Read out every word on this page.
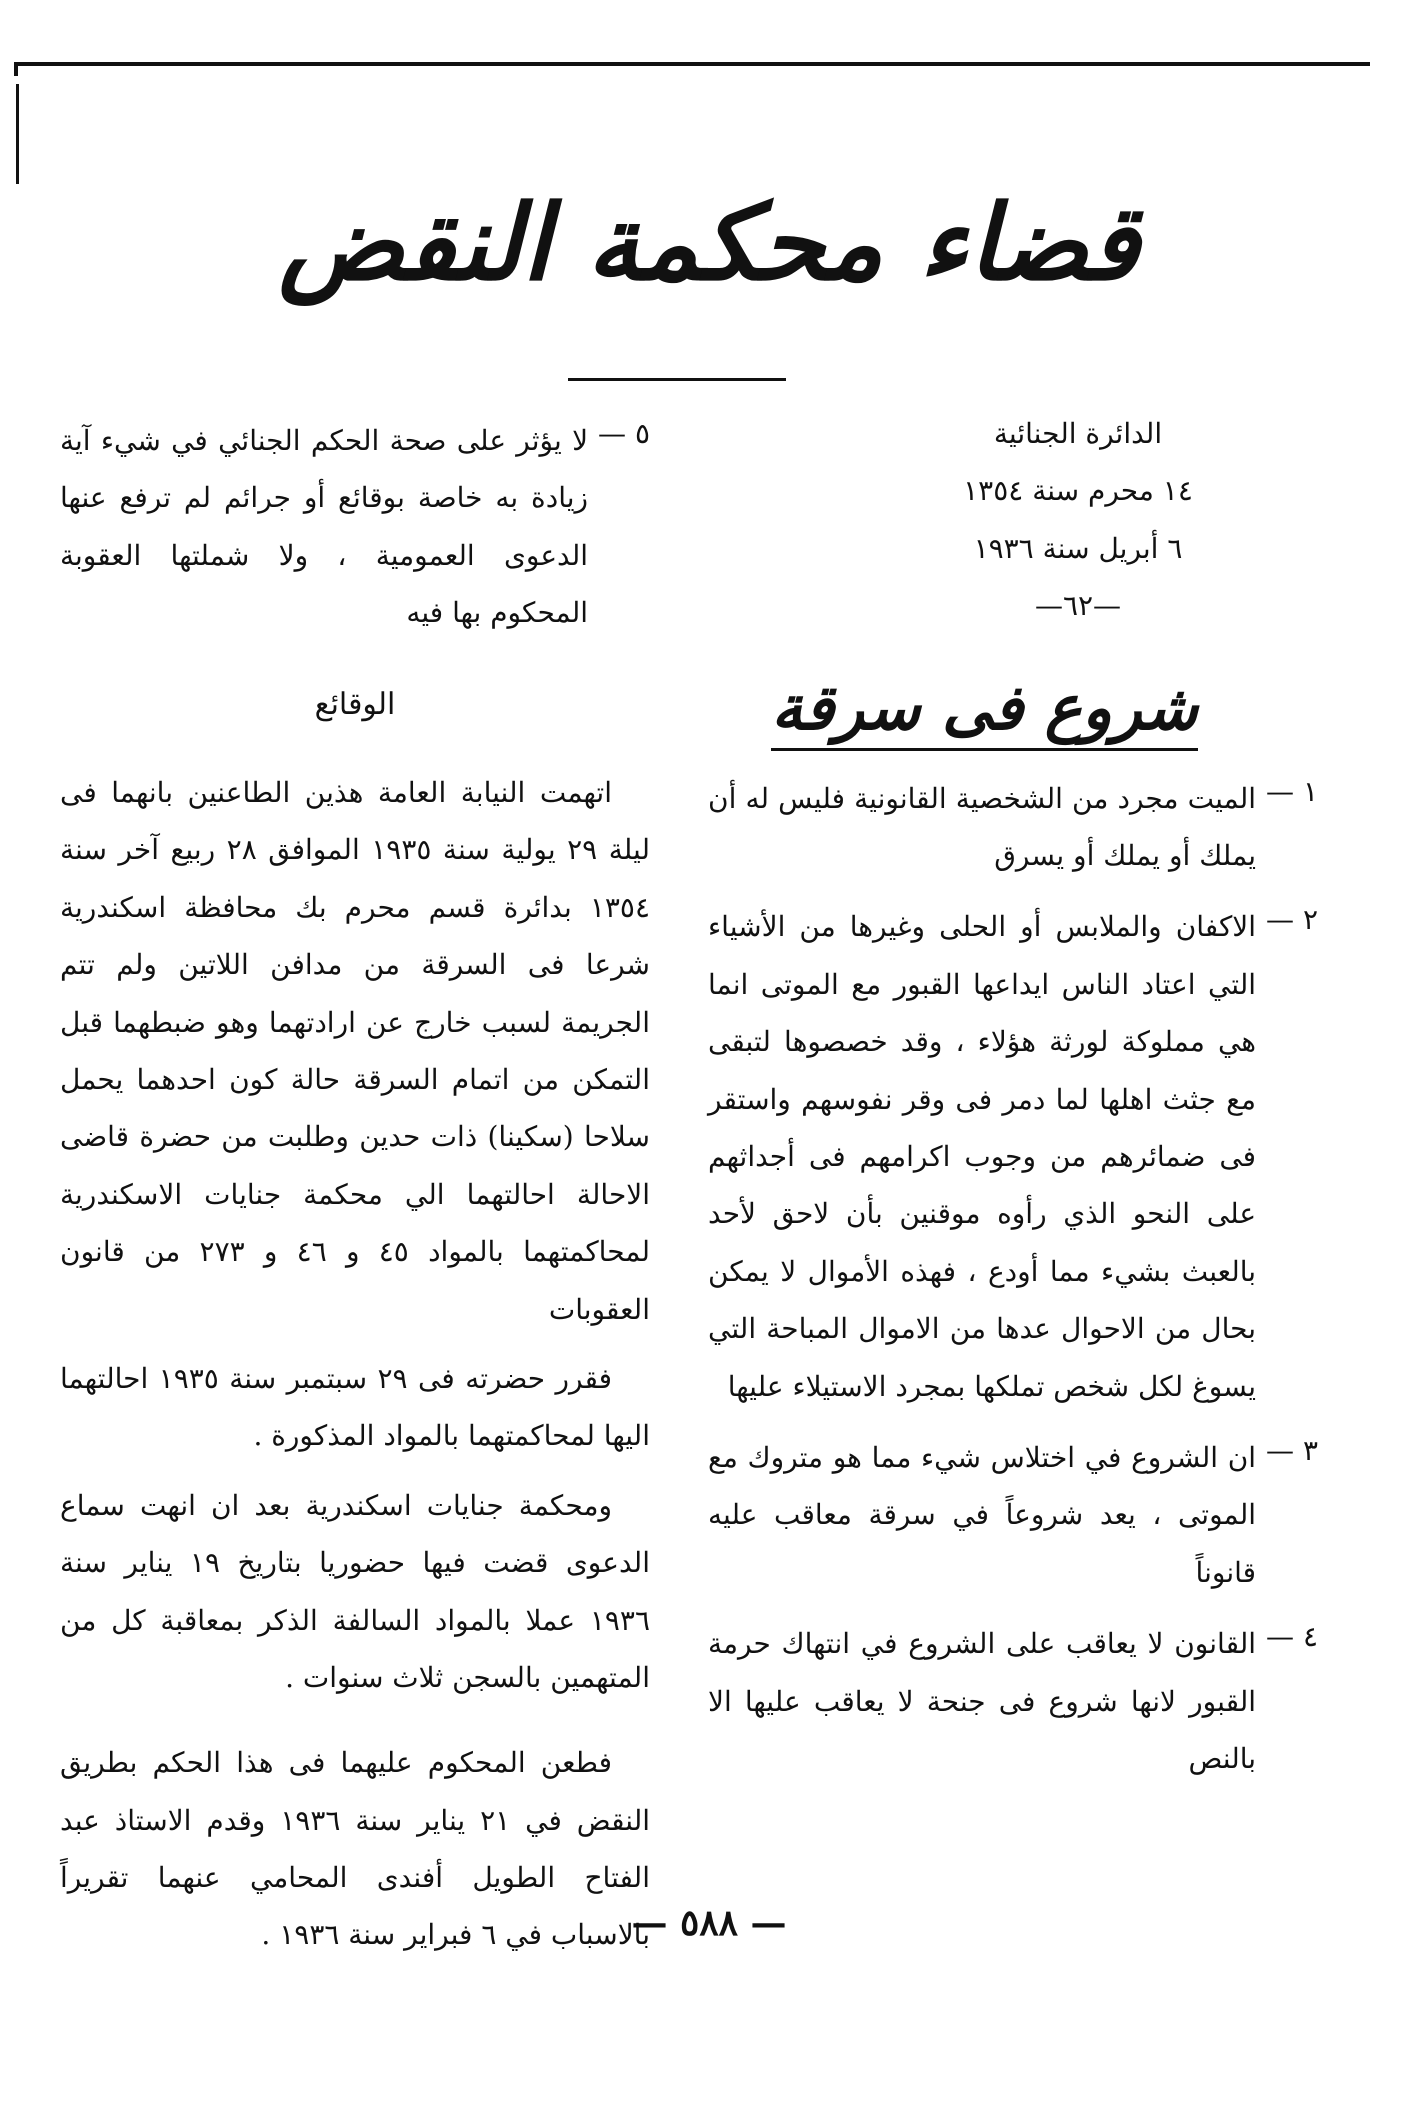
قضاء محكمة النقض
الدائرة الجنائية
١٤ محرم سنة ١٣٥٤
٦ أبريل سنة ١٩٣٦
—٦٢—
شروع فى سرقة
١ —
الميت مجرد من الشخصية القانونية فليس له أن يملك أو يملك أو يسرق
٢ —
الاكفان والملابس أو الحلى وغيرها من الأشياء التي اعتاد الناس ايداعها القبور مع الموتى انما هي مملوكة لورثة هؤلاء ، وقد خصصوها لتبقى مع جثث اهلها لما دمر فى وقر نفوسهم واستقر فى ضمائرهم من وجوب اكرامهم فى أجداثهم على النحو الذي رأوه موقنين بأن لاحق لأحد بالعبث بشيء مما أودع ، فهذه الأموال لا يمكن بحال من الاحوال عدها من الاموال المباحة التي يسوغ لكل شخص تملكها بمجرد الاستيلاء عليها
٣ —
ان الشروع في اختلاس شيء مما هو متروك مع الموتى ، يعد شروعاً في سرقة معاقب عليه قانوناً
٤ —
القانون لا يعاقب على الشروع في انتهاك حرمة القبور لانها شروع فى جنحة لا يعاقب عليها الا بالنص
٥ —
لا يؤثر على صحة الحكم الجنائي في شيء آية زيادة به خاصة بوقائع أو جرائم لم ترفع عنها الدعوى العمومية ، ولا شملتها العقوبة المحكوم بها فيه
الوقائع

اتهمت النيابة العامة هذين الطاعنين بانهما فى ليلة ٢٩ يولية سنة ١٩٣٥ الموافق ٢٨ ربيع آخر سنة ١٣٥٤ بدائرة قسم محرم بك محافظة اسكندرية شرعا فى السرقة من مدافن اللاتين ولم تتم الجريمة لسبب خارج عن ارادتهما وهو ضبطهما قبل التمكن من اتمام السرقة حالة كون احدهما يحمل سلاحا (سكينا) ذات حدين وطلبت من حضرة قاضى الاحالة احالتهما الي محكمة جنايات الاسكندرية لمحاكمتهما بالمواد ٤٥ و ٤٦ و ٢٧٣ من قانون العقوبات

فقرر حضرته فى ٢٩ سبتمبر سنة ١٩٣٥ احالتهما اليها لمحاكمتهما بالمواد المذكورة .

ومحكمة جنايات اسكندرية بعد ان انهت سماع الدعوى قضت فيها حضوريا بتاريخ ١٩ يناير سنة ١٩٣٦ عملا بالمواد السالفة الذكر بمعاقبة كل من المتهمين بالسجن ثلاث سنوات .

فطعن المحكوم عليهما فى هذا الحكم بطريق النقض في ٢١ يناير سنة ١٩٣٦ وقدم الاستاذ عبد الفتاح الطويل أفندى المحامي عنهما تقريراً بالاسباب في ٦ فبراير سنة ١٩٣٦ .

— ٥٨٨ —
